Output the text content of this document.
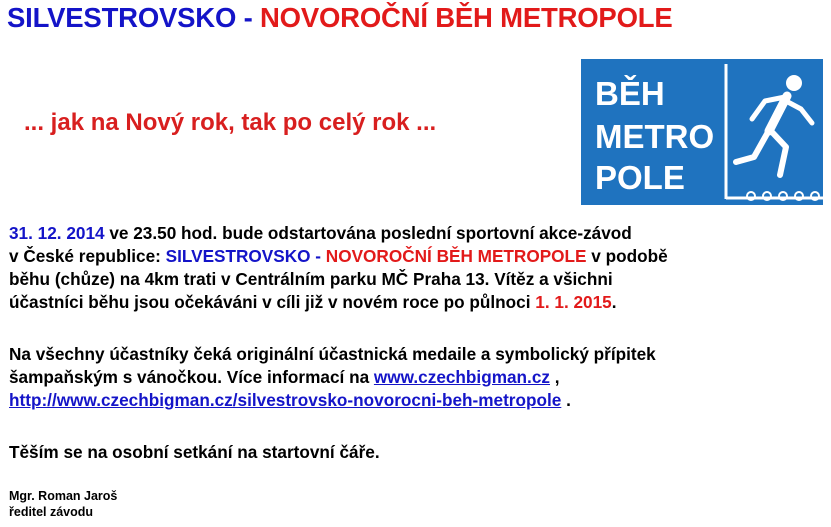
SILVESTROVSKO - NOVOROČNÍ BĚH METROPOLE
... jak na Nový rok, tak po celý rok ...
BĚH
METRO
POLE
31. 12. 2014 ve 23.50 hod. bude odstartována poslední sportovní akce-závod
v České republice: SILVESTROVSKO - NOVOROČNÍ BĚH METROPOLE v podobě
běhu (chůze) na 4km trati v Centrálním parku MČ Praha 13. Vítěz a všichni
účastníci běhu jsou očekáváni v cíli již v novém roce po půlnoci 1. 1. 2015.
Na všechny účastníky čeká originální účastnická medaile a symbolický přípitek
šampaňským s vánočkou. Více informací na www.czechbigman.cz ,
http://www.czechbigman.cz/silvestrovsko-novorocni-beh-metropole .
Těším se na osobní setkání na startovní čáře.
Mgr. Roman Jaroš
ředitel závodu
